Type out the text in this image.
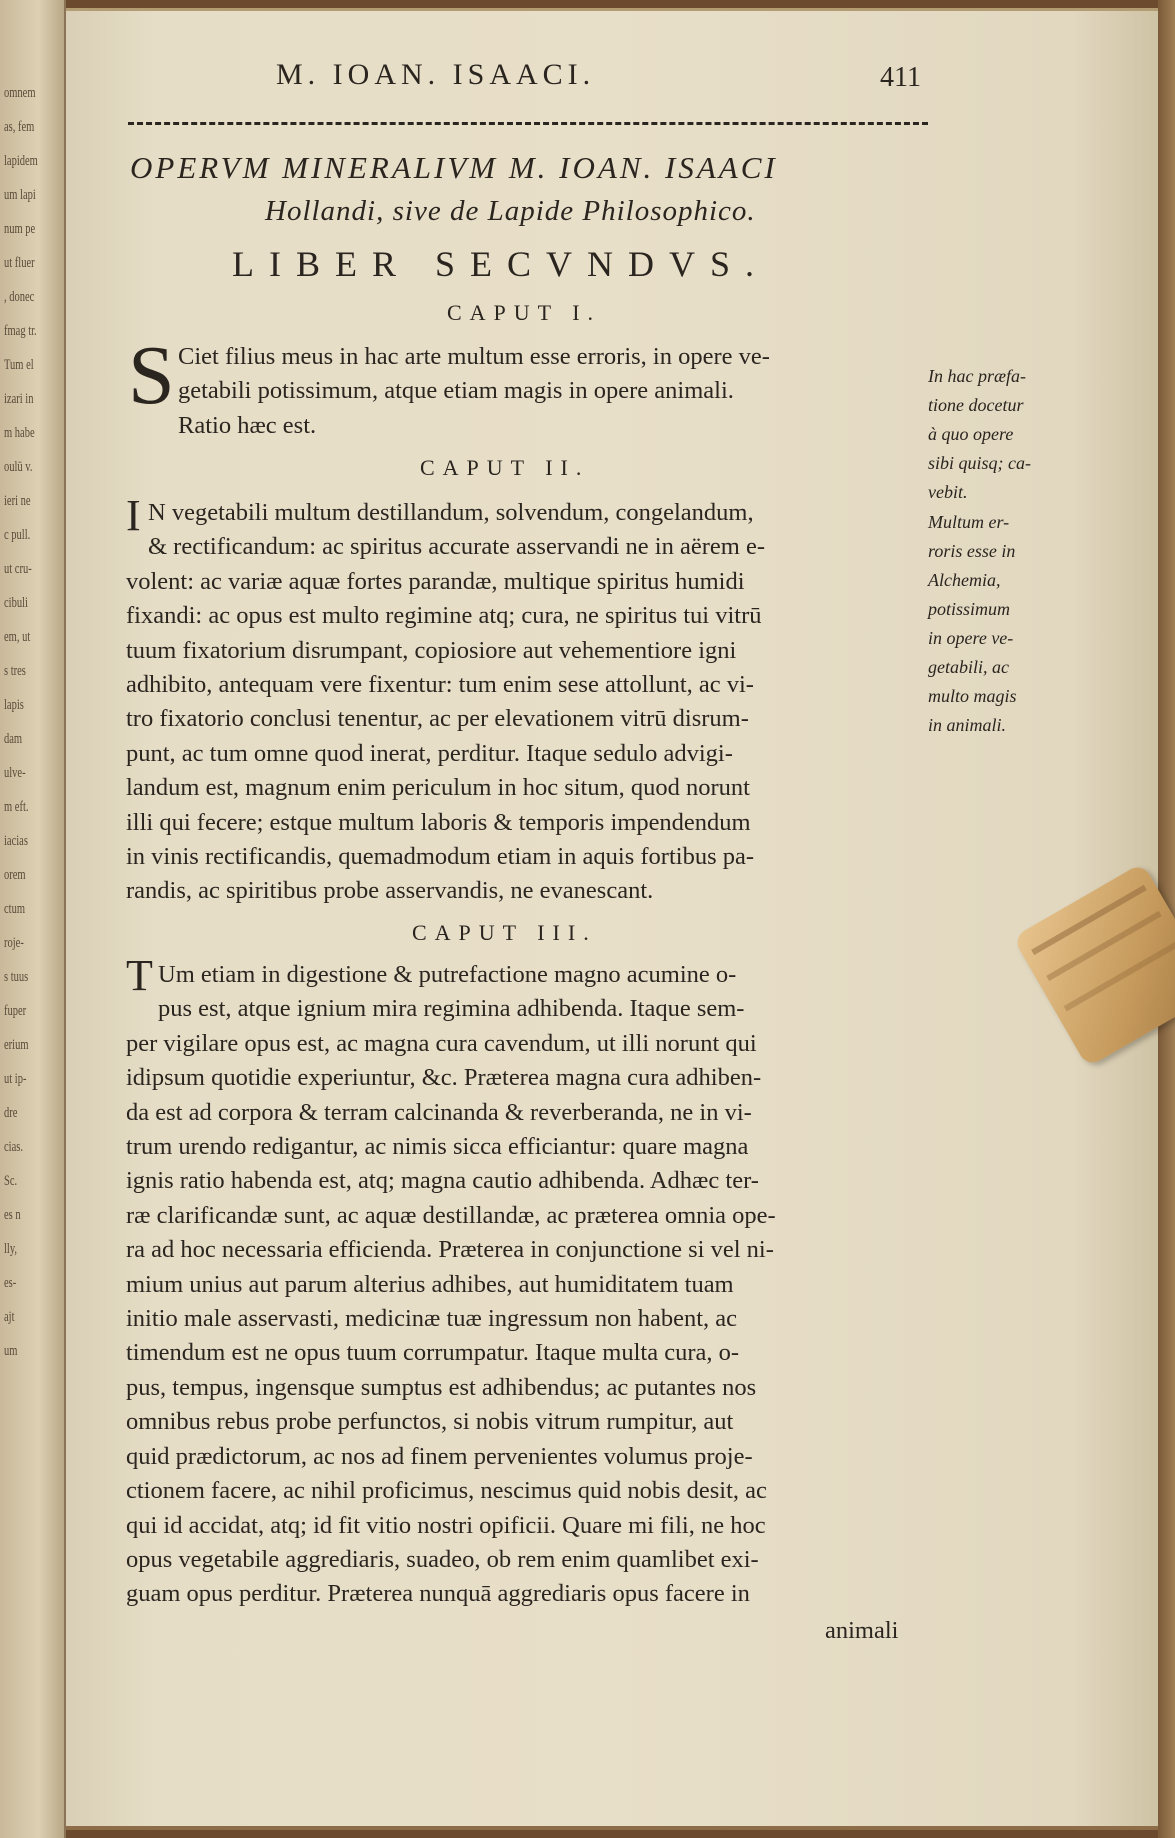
omnem
as, fem
lapidem
um lapi
num pe
ut fluer
, donec
fmag tr.
Tum el
izari in
m habe
oulū v.
ieri ne
c pull.
ut cru-
cibuli
em, ut
s tres
lapis
dam
ulve-
m eft.
iacias
orem
ctum
roje-
s tuus
fuper
erium
ut ip-
dre
cias.
Sc.
es n
lly,
es-
ajt
um
M. IOAN. ISAACI.	411
OPERVM MINERALIVM M. IOAN. ISAACI
Hollandi, sive de Lapide Philosophico.
LIBER SECVNDVS.
CAPUT I.
S Ciet filius meus in hac arte multum esse erroris, in opere ve-
getabili potissimum, atque etiam magis in opere animali.
Ratio hæc est.
CAPUT II.
I N vegetabili multum destillandum, solvendum, congelandum,
& rectificandum: ac spiritus accurate asservandi ne in aërem e-
volent: ac variæ aquæ fortes parandæ, multique spiritus humidi
fixandi: ac opus est multo regimine atq; cura, ne spiritus tui vitrū
tuum fixatorium disrumpant, copiosiore aut vehementiore igni
adhibito, antequam vere fixentur: tum enim sese attollunt, ac vi-
tro fixatorio conclusi tenentur, ac per elevationem vitrū disrum-
punt, ac tum omne quod inerat, perditur. Itaque sedulo advigi-
landum est, magnum enim periculum in hoc situm, quod norunt
illi qui fecere; estque multum laboris & temporis impendendum
in vinis rectificandis, quemadmodum etiam in aquis fortibus pa-
randis, ac spiritibus probe asservandis, ne evanescant.
CAPUT III.
T Um etiam in digestione & putrefactione magno acumine o-
pus est, atque ignium mira regimina adhibenda. Itaque sem-
per vigilare opus est, ac magna cura cavendum, ut illi norunt qui
idipsum quotidie experiuntur, &c. Præterea magna cura adhiben-
da est ad corpora & terram calcinanda & reverberanda, ne in vi-
trum urendo redigantur, ac nimis sicca efficiantur: quare magna
ignis ratio habenda est, atq; magna cautio adhibenda. Adhæc ter-
ræ clarificandæ sunt, ac aquæ destillandæ, ac præterea omnia ope-
ra ad hoc necessaria efficienda. Præterea in conjunctione si vel ni-
mium unius aut parum alterius adhibes, aut humiditatem tuam
initio male asservasti, medicinæ tuæ ingressum non habent, ac
timendum est ne opus tuum corrumpatur. Itaque multa cura, o-
pus, tempus, ingensque sumptus est adhibendus; ac putantes nos
omnibus rebus probe perfunctos, si nobis vitrum rumpitur, aut
quid prædictorum, ac nos ad finem pervenientes volumus proje-
ctionem facere, ac nihil proficimus, nescimus quid nobis desit, ac
qui id accidat, atq; id fit vitio nostri opificii. Quare mi fili, ne hoc
opus vegetabile aggrediaris, suadeo, ob rem enim quamlibet exi-
guam opus perditur. Præterea nunquā aggrediaris opus facere in
animali
In hac præfa-
tione docetur
à quo opere
sibi quisq; ca-
vebit.
Multum er-
roris esse in
Alchemia,
potissimum
in opere ve-
getabili, ac
multo magis
in animali.
